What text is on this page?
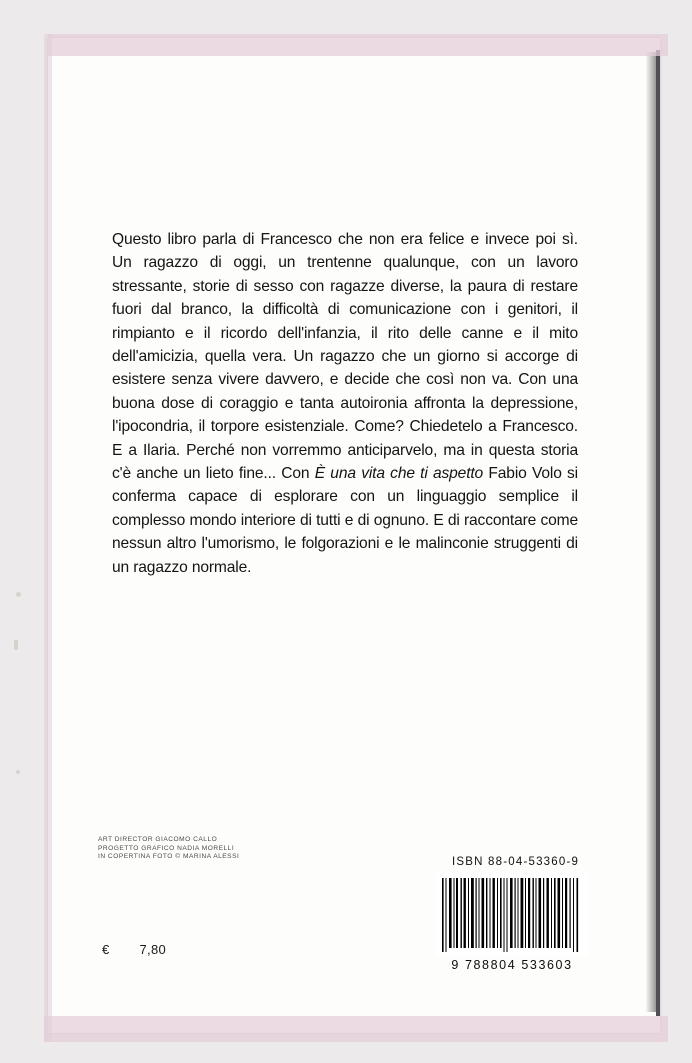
Questo libro parla di Francesco che non era felice e invece poi sì. Un ragazzo di oggi, un trentenne qualunque, con un lavoro stressante, storie di sesso con ragazze diverse, la paura di restare fuori dal branco, la difficoltà di comunicazione con i genitori, il rimpianto e il ricordo dell'infanzia, il rito delle canne e il mito dell'amicizia, quella vera. Un ragazzo che un giorno si accorge di esistere senza vivere davvero, e decide che così non va. Con una buona dose di coraggio e tanta autoironia affronta la depressione, l'ipocondria, il torpore esistenziale. Come? Chiedetelo a Francesco. E a Ilaria. Perché non vorremmo anticiparvelo, ma in questa storia c'è anche un lieto fine... Con È una vita che ti aspetto Fabio Volo si conferma capace di esplorare con un linguaggio semplice il complesso mondo interiore di tutti e di ognuno. E di raccontare come nessun altro l'umorismo, le folgorazioni e le malinconie struggenti di un ragazzo normale.
ART DIRECTOR GIACOMO CALLO
PROGETTO GRAFICO NADIA MORELLI
IN COPERTINA FOTO © MARINA ALESSI
€ 7,80
ISBN 88-04-53360-9
9 788804 533603
